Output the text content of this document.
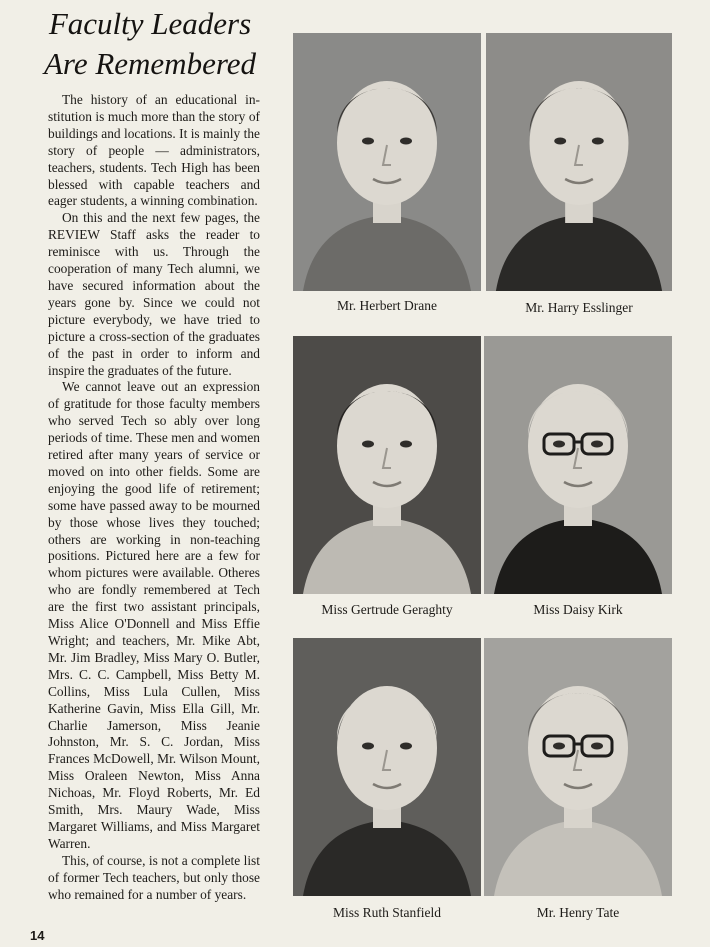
Faculty Leaders
Are Remembered

The history of an educational institution is much more than the story of buildings and locations. It is mainly the story of people — administrators, teachers, students. Tech High has been blessed with capable teachers and eager students, a winning combination.

On this and the next few pages, the REVIEW Staff asks the reader to reminisce with us. Through the cooperation of many Tech alumni, we have secured information about the years gone by. Since we could not picture everybody, we have tried to picture a cross-section of the graduates of the past in order to inform and inspire the graduates of the future.

We cannot leave out an expression of gratitude for those faculty members who served Tech so ably over long periods of time. These men and women retired after many years of service or moved on into other fields. Some are enjoying the good life of retirement; some have passed away to be mourned by those whose lives they touched; others are working in non-teaching positions. Pictured here are a few for whom pictures were available. Otheres who are fondly remembered at Tech are the first two assistant principals, Miss Alice O'Donnell and Miss Effie Wright; and teachers, Mr. Mike Abt, Mr. Jim Bradley, Miss Mary O. Butler, Mrs. C. C. Campbell, Miss Betty M. Collins, Miss Lula Cullen, Miss Katherine Gavin, Miss Ella Gill, Mr. Charlie Jamerson, Miss Jeanie Johnston, Mr. S. C. Jordan, Miss Frances McDowell, Mr. Wilson Mount, Miss Oraleen Newton, Miss Anna Nichoas, Mr. Floyd Roberts, Mr. Ed Smith, Mrs. Maury Wade, Miss Margaret Williams, and Miss Margaret Warren.

This, of course, is not a complete list of former Tech teachers, but only those who remained for a number of years.

Mr. Herbert Drane	Mr. Harry Esslinger
Miss Gertrude Geraghty	Miss Daisy Kirk
Miss Ruth Stanfield	Mr. Henry Tate
14
